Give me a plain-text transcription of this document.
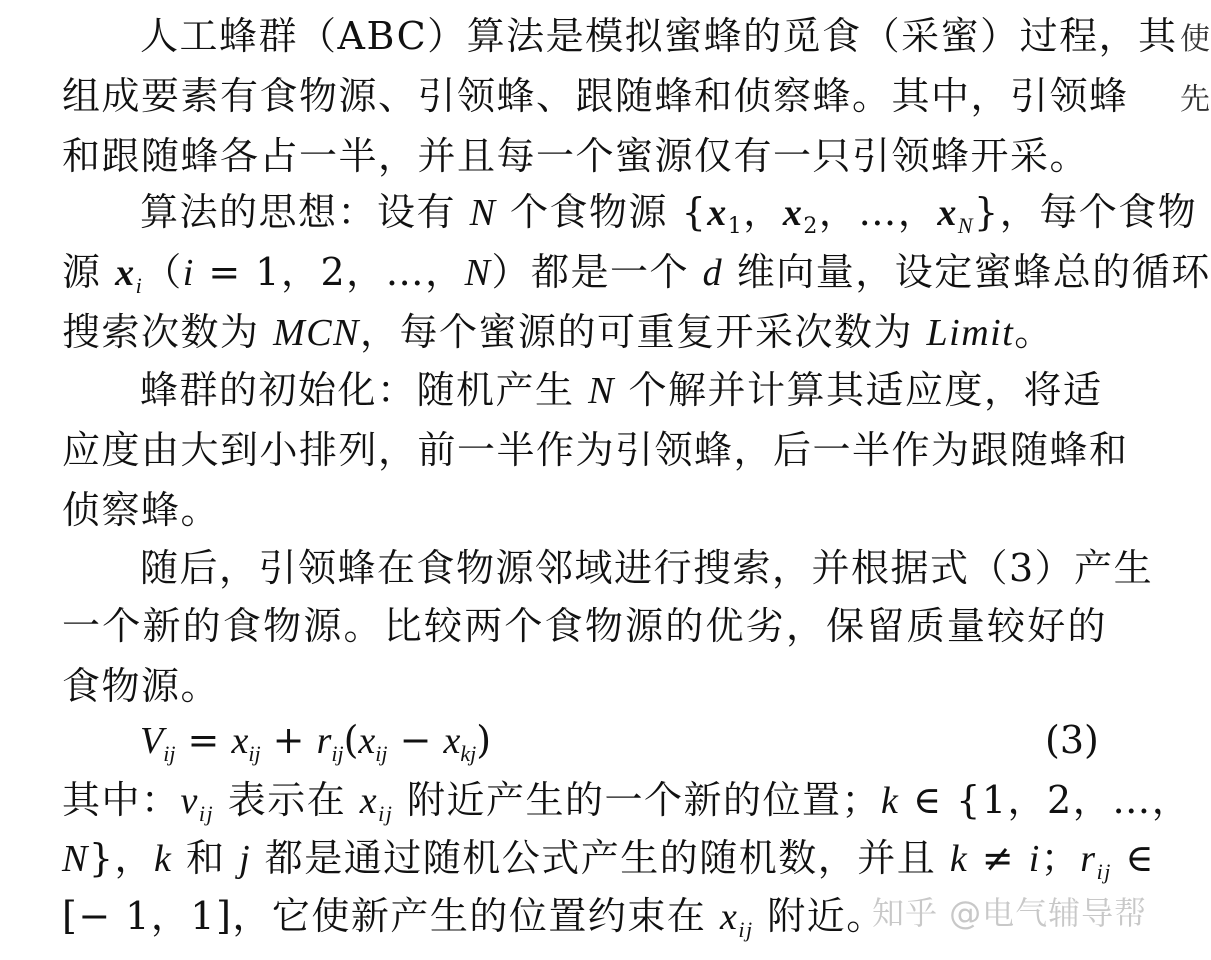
人工蜂群（ABC）算法是模拟蜜蜂的觅食（采蜜）过程，其
组成要素有食物源、引领蜂、跟随蜂和侦察蜂。其中，引领蜂
和跟随蜂各占一半，并且每一个蜜源仅有一只引领蜂开采。
算法的思想：设有 N 个食物源 {$x_1$，$x_2$，…，$x_N$}，每个食物
源 $x_i(i = 1$，2，…，N）都是一个 d 维向量，设定蜜蜂总的循环
搜索次数为 MCN，每个蜜源的可重复开采次数为 Limit。
蜂群的初始化：随机产生 N 个解并计算其适应度，将适
应度由大到小排列，前一半作为引领蜂，后一半作为跟随蜂和
侦察蜂。
随后，引领蜂在食物源邻域进行搜索，并根据式（3）产生
一个新的食物源。比较两个食物源的优劣，保留质量较好的
食物源。
$V_{ij} = x_{ij} + r_{ij}(x_{ij} - x_{kj})$	(3)
其中：$v_{ij}$ 表示在 $x_{ij}$ 附近产生的一个新的位置；k ∈ {1，2，…，
N}，k 和 j 都是通过随机公式产生的随机数，并且 k ≠ i；$r_{ij}$ ∈
[− 1，1]，它使新产生的位置约束在 $x_{ij}$ 附近。
使
先
知乎 @电气辅导帮
